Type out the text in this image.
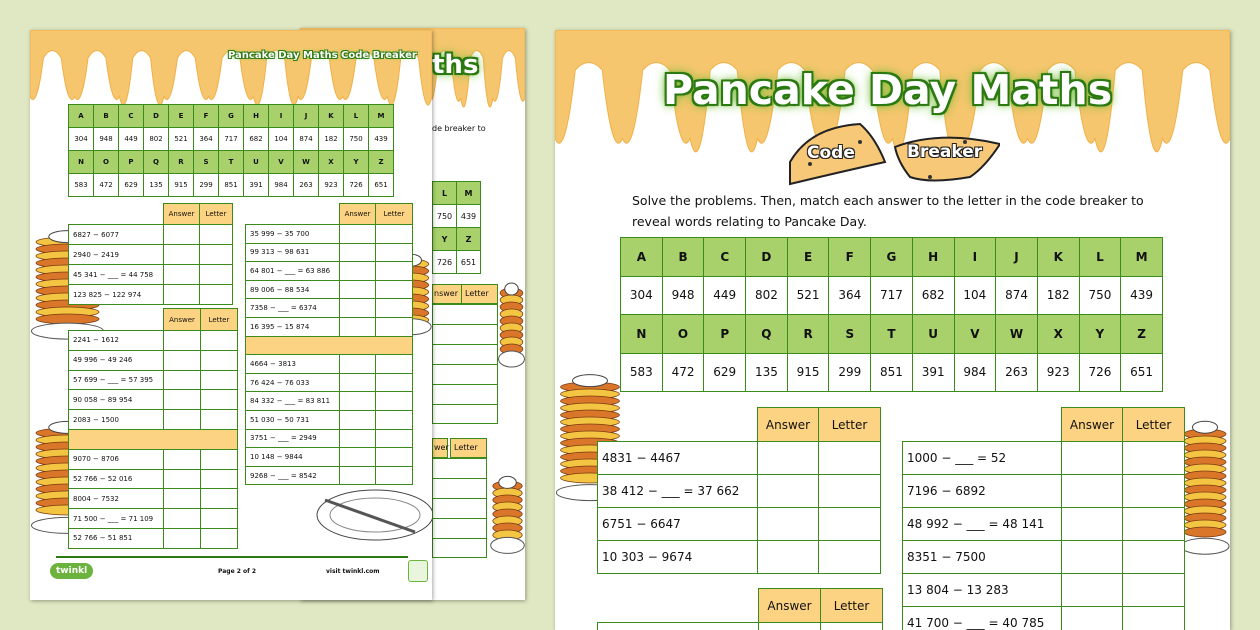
ths
de breaker to
L	M
750	439
Y	Z
726	651
nswer Letter
wer Letter
Pancake Day Maths Code Breaker
twinkl	Page 2 of 2	visit twinkl.com
A	B	C	D	E	F	G	H	I	J	K	L	M
304	948	449	802	521	364	717	682	104	874	182	750	439
N	O	P	Q	R	S	T	U	V	W	X	Y	Z
583	472	629	135	915	299	851	391	984	263	923	726	651
Answer	Letter
6827 − 6077		
2940 − 2419		
45 341 − ___ = 44 758		
123 825 − 122 974		
Answer	Letter
2241 − 1612		
49 996 − 49 246		
57 699 − ___ = 57 395		
90 058 − 89 954		
2083 − 1500		

9070 − 8706		
52 766 − 52 016		
8004 − 7532		
71 500 − ___ = 71 109		
52 766 − 51 851		
Answer	Letter
35 999 − 35 700		
99 313 − 98 631		
64 801 − ___ = 63 886		
89 006 − 88 534		
7358 − ___ = 6374		
16 395 − 15 874		

4664 − 3813		
76 424 − 76 033		
84 332 − ___ = 83 811		
51 030 − 50 731		
3751 − ___ = 2949		
10 148 − 9844		
9268 − ___ = 8542		
Pancake Day Maths
Code	Breaker
Solve the problems. Then, match each answer to the letter in the code breaker to reveal words relating to Pancake Day.
A	B	C	D	E	F	G	H	I	J	K	L	M
304	948	449	802	521	364	717	682	104	874	182	750	439
N	O	P	Q	R	S	T	U	V	W	X	Y	Z
583	472	629	135	915	299	851	391	984	263	923	726	651
Answer	Letter
4831 − 4467		
38 412 − ___ = 37 662		
6751 − 6647		
10 303 − 9674		
Answer	Letter
1000 − ___ = 52		
7196 − 6892		
48 992 − ___ = 48 141		
8351 − 7500		
13 804 − 13 283		
41 700 − ___ = 40 785		
Answer	Letter
